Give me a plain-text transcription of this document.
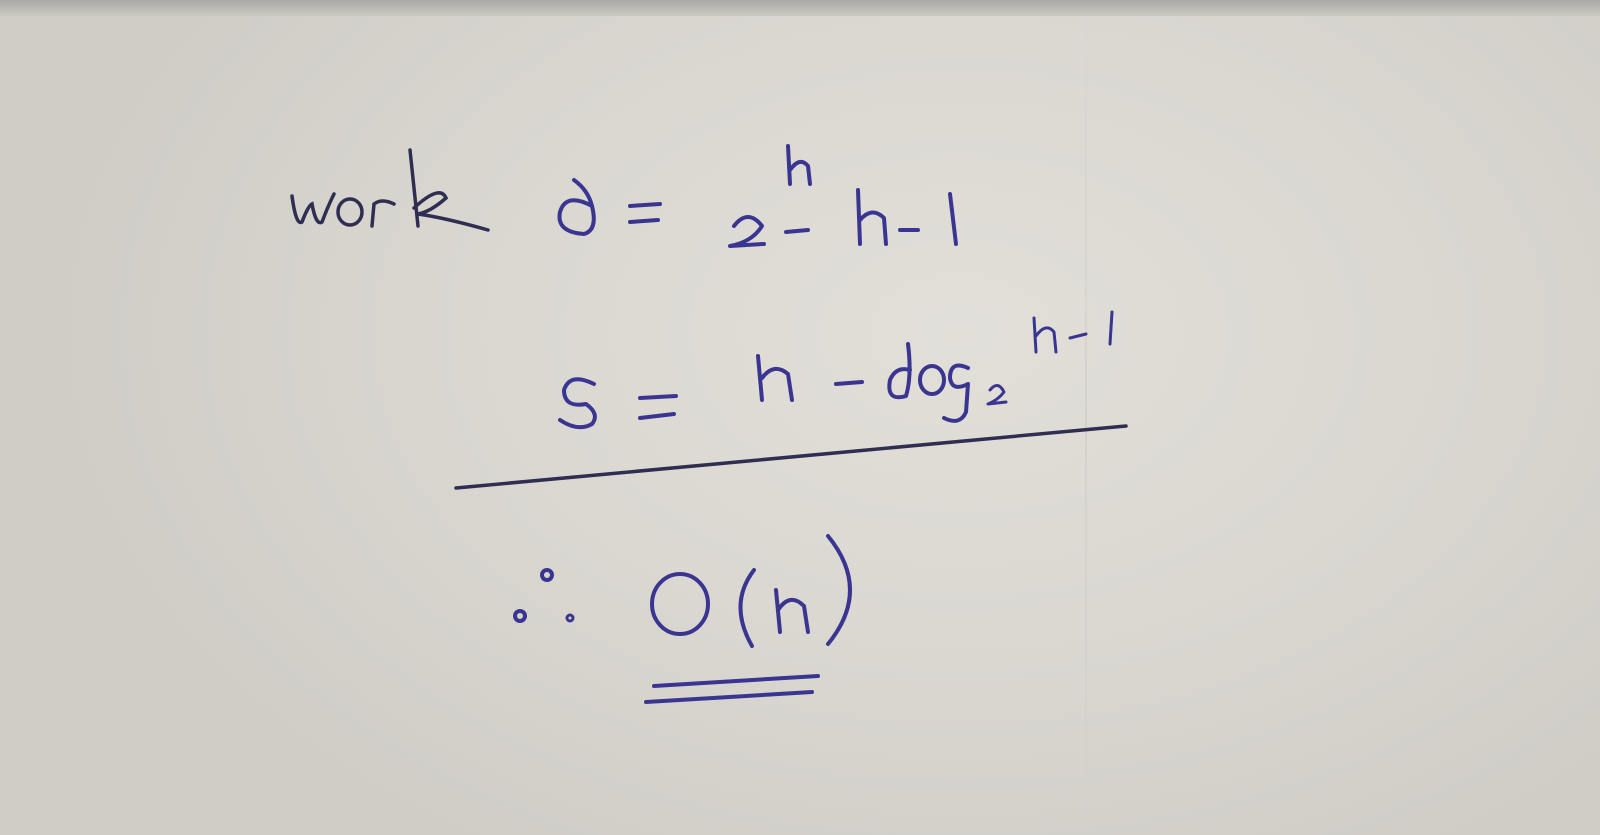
work	s
=
2ⁿ - n - 1
s
=
n - log₂ⁿ - 1
∴
O(n)
